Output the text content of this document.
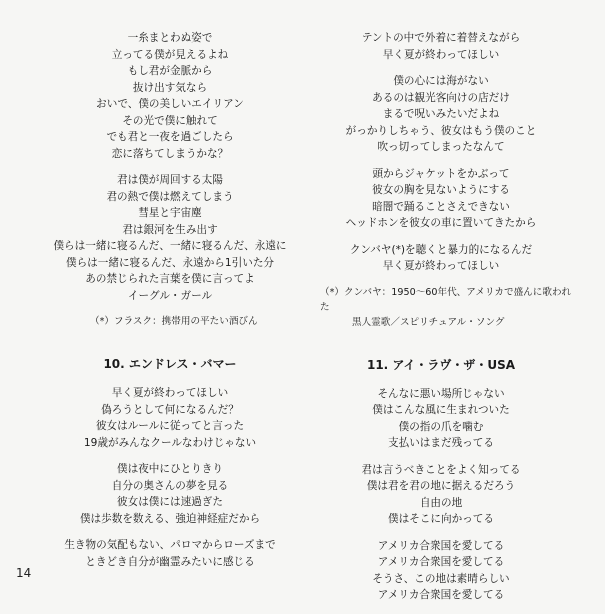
一糸まとわぬ姿で
立ってる僕が見えるよね
もし君が金脈から
抜け出す気なら
おいで、僕の美しいエイリアン
その光で僕に触れて
でも君と一夜を過ごしたら
恋に落ちてしまうかな？
君は僕が周回する太陽
君の熱で僕は燃えてしまう
彗星と宇宙塵
君は銀河を生み出す
僕らは一緒に寝るんだ、一緒に寝るんだ、永遠に
僕らは一緒に寝るんだ、永遠から1引いた分
あの禁じられた言葉を僕に言ってよ
イーグル・ガール
（*）フラスク：携帯用の平たい酒びん
10. エンドレス・バマー
早く夏が終わってほしい
偽ろうとして何になるんだ？
彼女はルールに従ってと言った
19歳がみんなクールなわけじゃない
僕は夜中にひとりきり
自分の奥さんの夢を見る
彼女は僕には速過ぎた
僕は歩数を数える、強迫神経症だから
生き物の気配もない、パロマからローズまで
ときどき自分が幽霊みたいに感じる
テントの中で外着に着替えながら
早く夏が終わってほしい
僕の心には海がない
あるのは観光客向けの店だけ
まるで呪いみたいだよね
がっかりしちゃう、彼女はもう僕のこと
吹っ切ってしまったなんて
頭からジャケットをかぶって
彼女の胸を見ないようにする
暗闇で踊ることさえできない
ヘッドホンを彼女の車に置いてきたから
クンバヤ(*)を聴くと暴力的になるんだ
早く夏が終わってほしい
（*）クンバヤ：1950〜60年代、アメリカで盛んに歌われた
黒人霊歌／スピリチュアル・ソング
11. アイ・ラヴ・ザ・USA
そんなに悪い場所じゃない
僕はこんな風に生まれついた
僕の指の爪を噛む
支払いはまだ残ってる
君は言うべきことをよく知ってる
僕は君を君の地に据えるだろう
自由の地
僕はそこに向かってる
アメリカ合衆国を愛してる
アメリカ合衆国を愛してる
そうさ、この地は素晴らしい
アメリカ合衆国を愛してる
14
